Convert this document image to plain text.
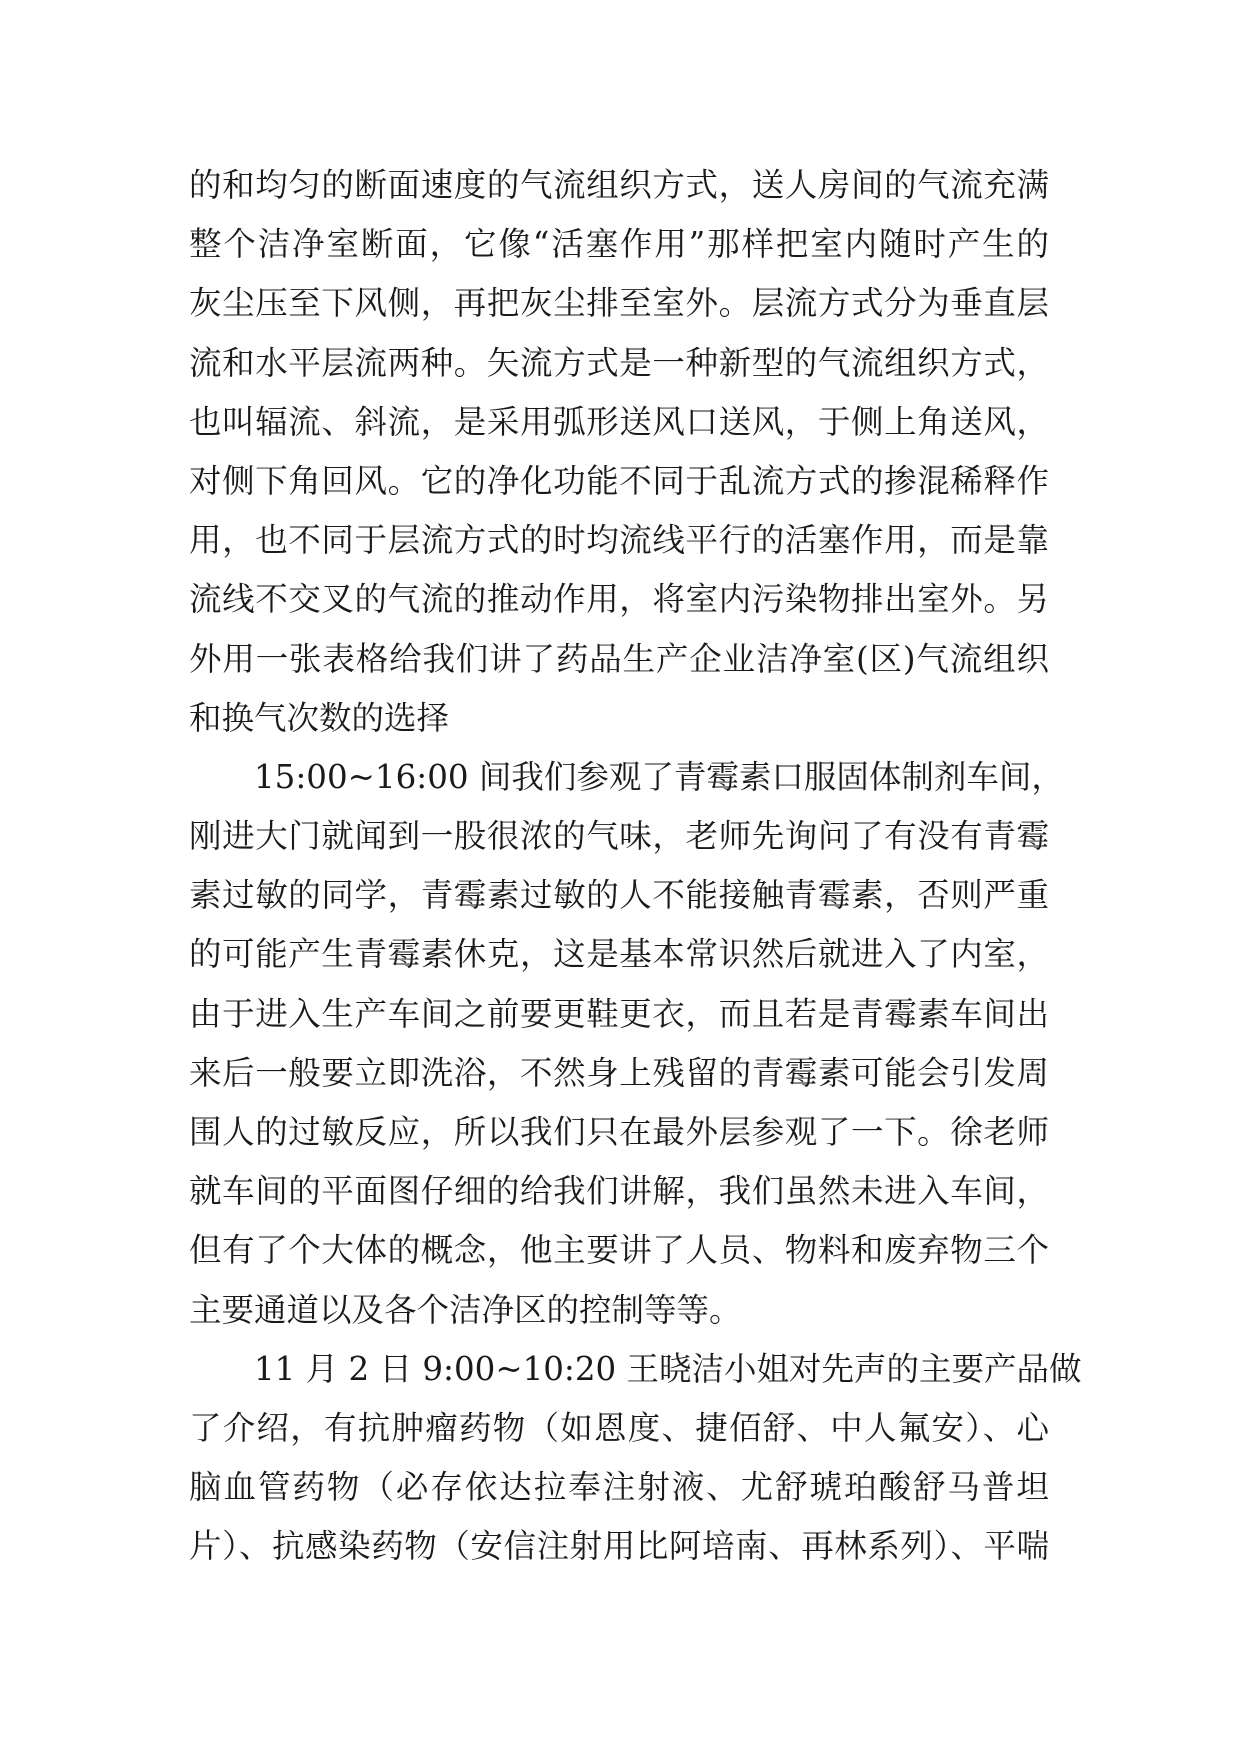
的和均匀的断面速度的气流组织方式，送人房间的气流充满
整个洁净室断面，它像“活塞作用”那样把室内随时产生的
灰尘压至下风侧，再把灰尘排至室外。层流方式分为垂直层
流和水平层流两种。矢流方式是一种新型的气流组织方式，
也叫辐流、斜流，是采用弧形送风口送风，于侧上角送风，
对侧下角回风。它的净化功能不同于乱流方式的掺混稀释作
用，也不同于层流方式的时均流线平行的活塞作用，而是靠
流线不交叉的气流的推动作用，将室内污染物排出室外。另
外用一张表格给我们讲了药品生产企业洁净室(区)气流组织
和换气次数的选择
15:00~16:00 间我们参观了青霉素口服固体制剂车间，
刚进大门就闻到一股很浓的气味，老师先询问了有没有青霉
素过敏的同学，青霉素过敏的人不能接触青霉素，否则严重
的可能产生青霉素休克，这是基本常识然后就进入了内室，
由于进入生产车间之前要更鞋更衣，而且若是青霉素车间出
来后一般要立即洗浴，不然身上残留的青霉素可能会引发周
围人的过敏反应，所以我们只在最外层参观了一下。徐老师
就车间的平面图仔细的给我们讲解，我们虽然未进入车间，
但有了个大体的概念，他主要讲了人员、物料和废弃物三个
主要通道以及各个洁净区的控制等等。
11 月 2 日 9:00~10:20 王晓洁小姐对先声的主要产品做
了介绍，有抗肿瘤药物（如恩度、捷佰舒、中人氟安）、心
脑血管药物（必存依达拉奉注射液、尤舒琥珀酸舒马普坦
片）、抗感染药物（安信注射用比阿培南、再林系列）、平喘
